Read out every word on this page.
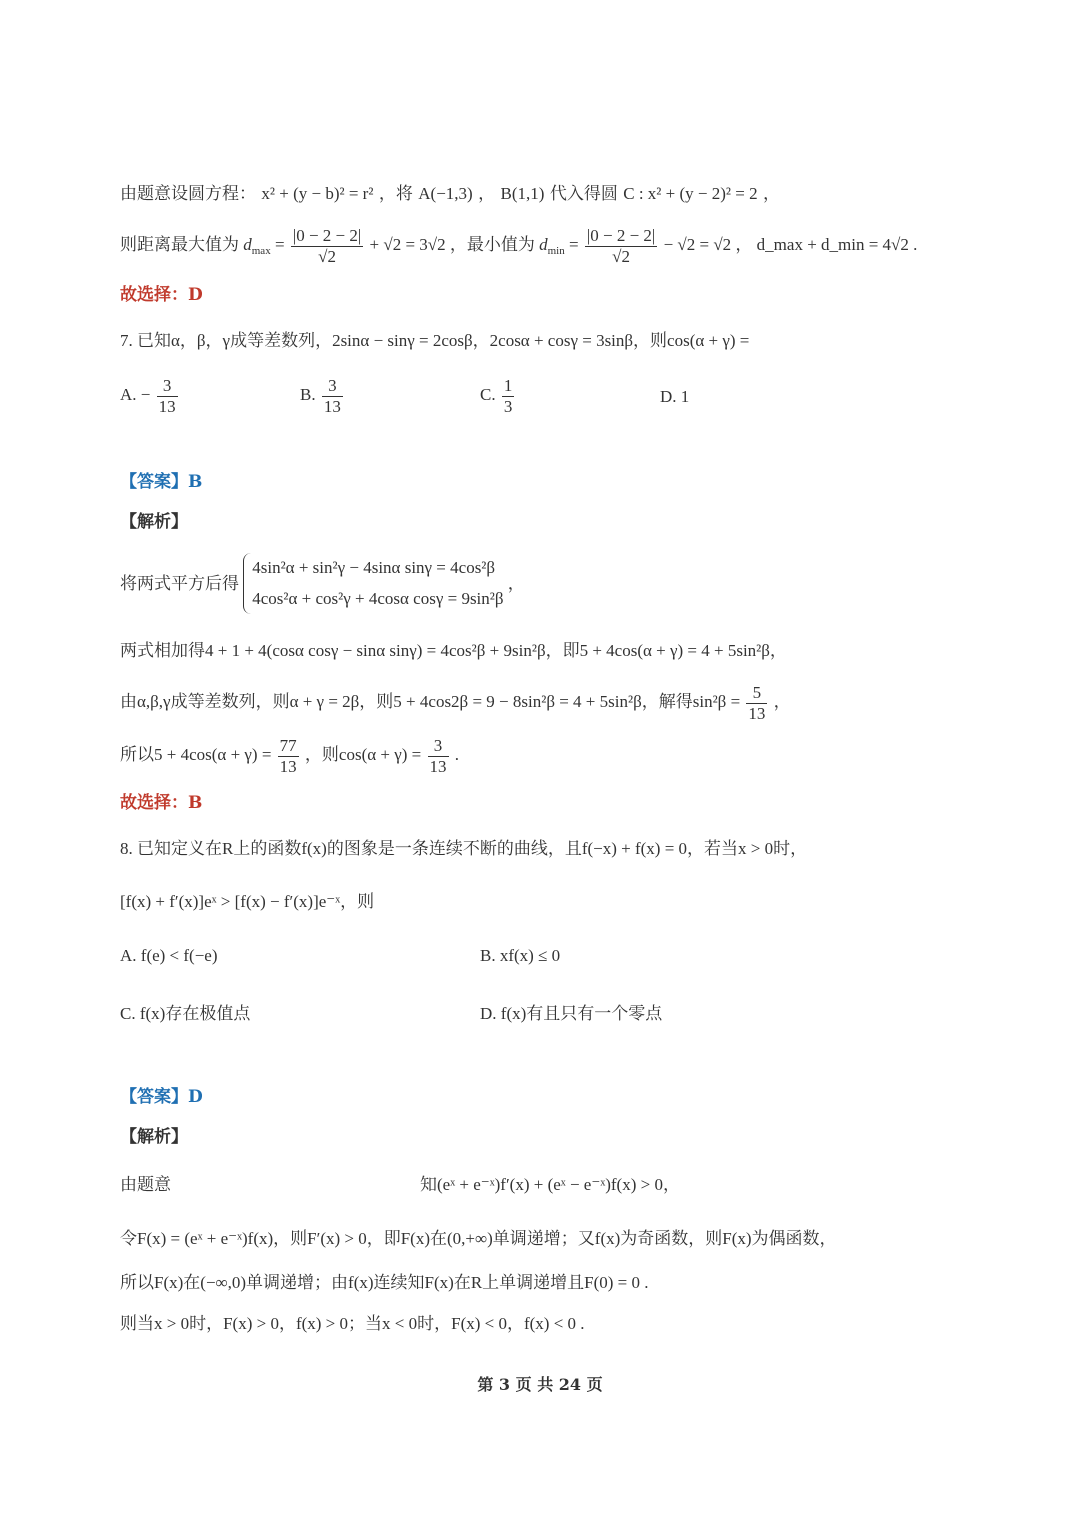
由题意设圆方程： x² + (y − b)² = r² ，将 A(−1,3) ， B(1,1) 代入得圆 C : x² + (y − 2)² = 2 ，
则距离最大值为 $d_{max} = \frac{|0 - 2 - 2|}{√2} + √2 = 3√2$ ，最小值为 $d_{min} = \frac{|0 - 2 - 2|}{√2} - √2 = √2$ ， d_max + d_min = 4√2 .
故选择：D
7. 已知α，β，γ成等差数列，2sinα − sinγ = 2cosβ，2cosα + cosγ = 3sinβ，则cos(α + γ) =
A. − $\frac{3}{13}$	B. $\frac{3}{13}$	C. $\frac{1}{3}$	D. 1
【答案】B
【解析】
将两式平方后得
4sin²α + sin²γ − 4sinα sinγ = 4cos²β
4cos²α + cos²γ + 4cosα cosγ = 9sin²β
，
两式相加得4 + 1 + 4(cosα cosγ − sinα sinγ) = 4cos²β + 9sin²β，即5 + 4cos(α + γ) = 4 + 5sin²β，
由α,β,γ成等差数列，则α + γ = 2β，则5 + 4cos2β = 9 − 8sin²β = 4 + 5sin²β，解得$\sin^2\beta = \frac{5}{13}$ ，
所以$5 + 4\cos(\alpha + \gamma) = \frac{77}{13}$ ，则$\cos(\alpha + \gamma) = \frac{3}{13}$ .
故选择：B
8. 已知定义在R上的函数f(x)的图象是一条连续不断的曲线，且f(−x) + f(x) = 0，若当x > 0时，
[f(x) + f′(x)]eˣ > [f(x) − f′(x)]e⁻ˣ，则
A. f(e) < f(−e)	B. xf(x) ≤ 0
C. f(x)存在极值点	D. f(x)有且只有一个零点
【答案】D
【解析】
由题意	知(eˣ + e⁻ˣ)f′(x) + (eˣ − e⁻ˣ)f(x) > 0，
令F(x) = (eˣ + e⁻ˣ)f(x)，则F′(x) > 0，即F(x)在(0,+∞)单调递增；又f(x)为奇函数，则F(x)为偶函数，
所以F(x)在(−∞,0)单调递增；由f(x)连续知F(x)在R上单调递增且F(0) = 0 .
则当x > 0时，F(x) > 0，f(x) > 0；当x < 0时，F(x) < 0，f(x) < 0 .
第 3 页 共 24 页
